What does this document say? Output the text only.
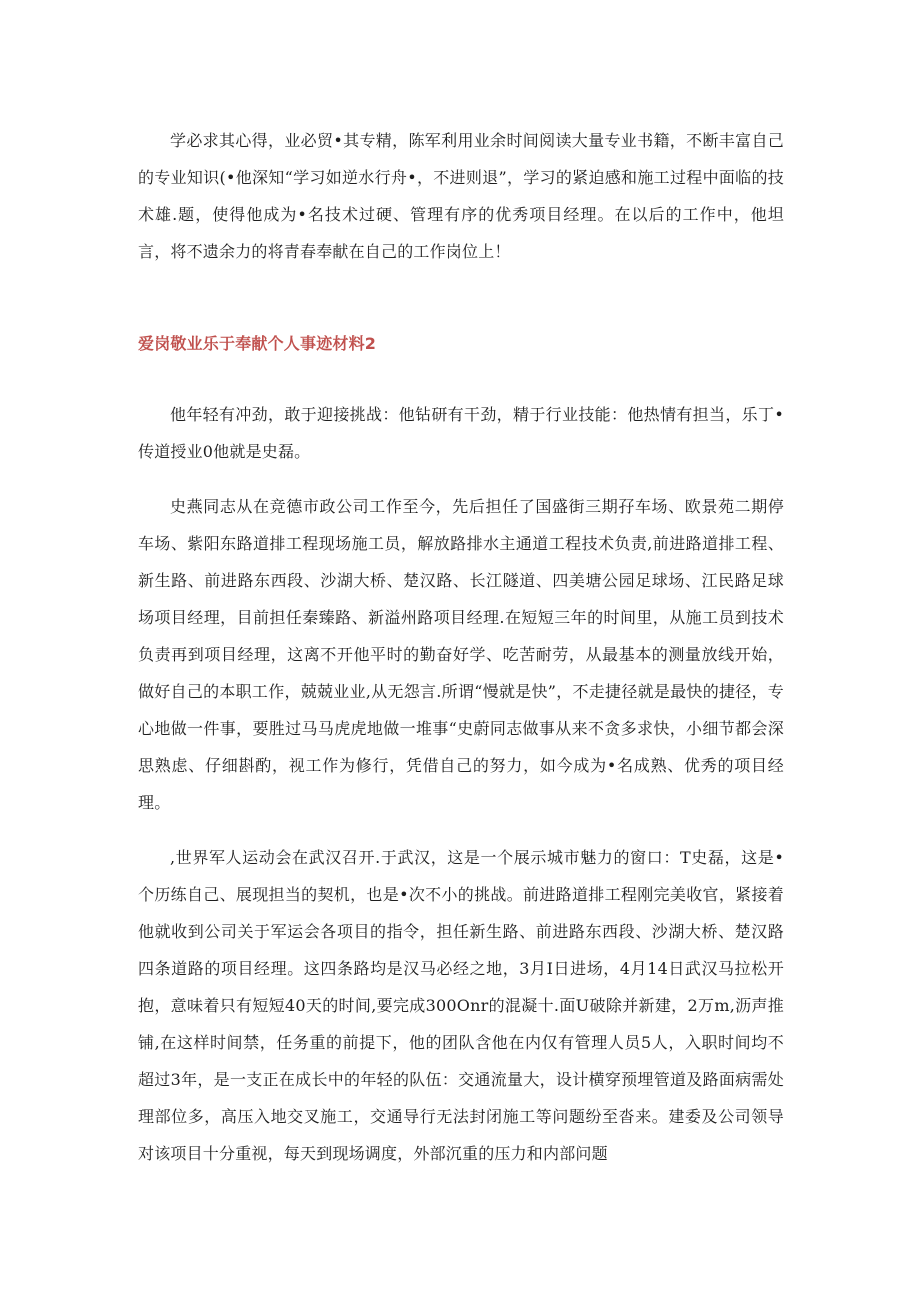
学必求其心得，业必贸•其专精，陈军利用业余时间阅读大量专业书籍，不断丰富自己的专业知识(•他深知“学习如逆水行舟•，不进则退”，学习的紧迫感和施工过程中面临的技术雄.题，使得他成为•名技术过硬、管理有序的优秀项目经理。在以后的工作中，他坦言，将不遗余力的将青春奉献在自己的工作岗位上！

爱岗敬业乐于奉献个人事迹材料2

他年轻有冲劲，敢于迎接挑战：他钻研有干劲，精于行业技能：他热情有担当，乐丁•传道授业0他就是史磊。

史燕同志从在竞德市政公司工作至今，先后担任了国盛街三期孖车场、欧景苑二期停车场、紫阳东路道排工程现场施工员，解放路排水主通道工程技术负责,前进路道排工程、新生路、前进路东西段、沙湖大桥、楚汉路、长江隧道、四美塘公园足球场、江民路足球场项目经理，目前担任秦臻路、新溢州路项目经理.在短短三年的时间里，从施工员到技术负责再到项目经理，这离不开他平时的勤奋好学、吃苦耐劳，从最基本的测量放线开始，做好自己的本职工作，兢兢业业,从无怨言.所谓“慢就是快”，不走捷径就是最快的捷径，专心地做一件事，要胜过马马虎虎地做一堆事“史蔚同志做事从来不贪多求快，小细节都会深思熟虑、仔细斟酌，视工作为修行，凭借自己的努力，如今成为•名成熟、优秀的项目经理。

,世界军人运动会在武汉召开.于武汉，这是一个展示城市魅力的窗口：T史磊，这是•个历练自己、展现担当的契机，也是•次不小的挑战。前进路道排工程刚完美收官，紧接着他就收到公司关于军运会各项目的指令，担任新生路、前进路东西段、沙湖大桥、楚汉路四条道路的项目经理。这四条路均是汉马必经之地，3月I日进场，4月14日武汉马拉松开抱，意味着只有短短40天的时间,要完成300Onr的混凝十.面U破除并新建，2万m,沥声推铺,在这样时间禁，任务重的前提下，他的团队含他在内仅有管理人员5人，入职时间均不超过3年，是一支正在成长中的年轻的队伍：交通流量大，设计横穿预埋管道及路面病需处理部位多，高压入地交叉施工，交通导行无法封闭施工等问题纷至沓来。建委及公司领导对该项目十分重视，每天到现场调度，外部沉重的压力和内部问题
